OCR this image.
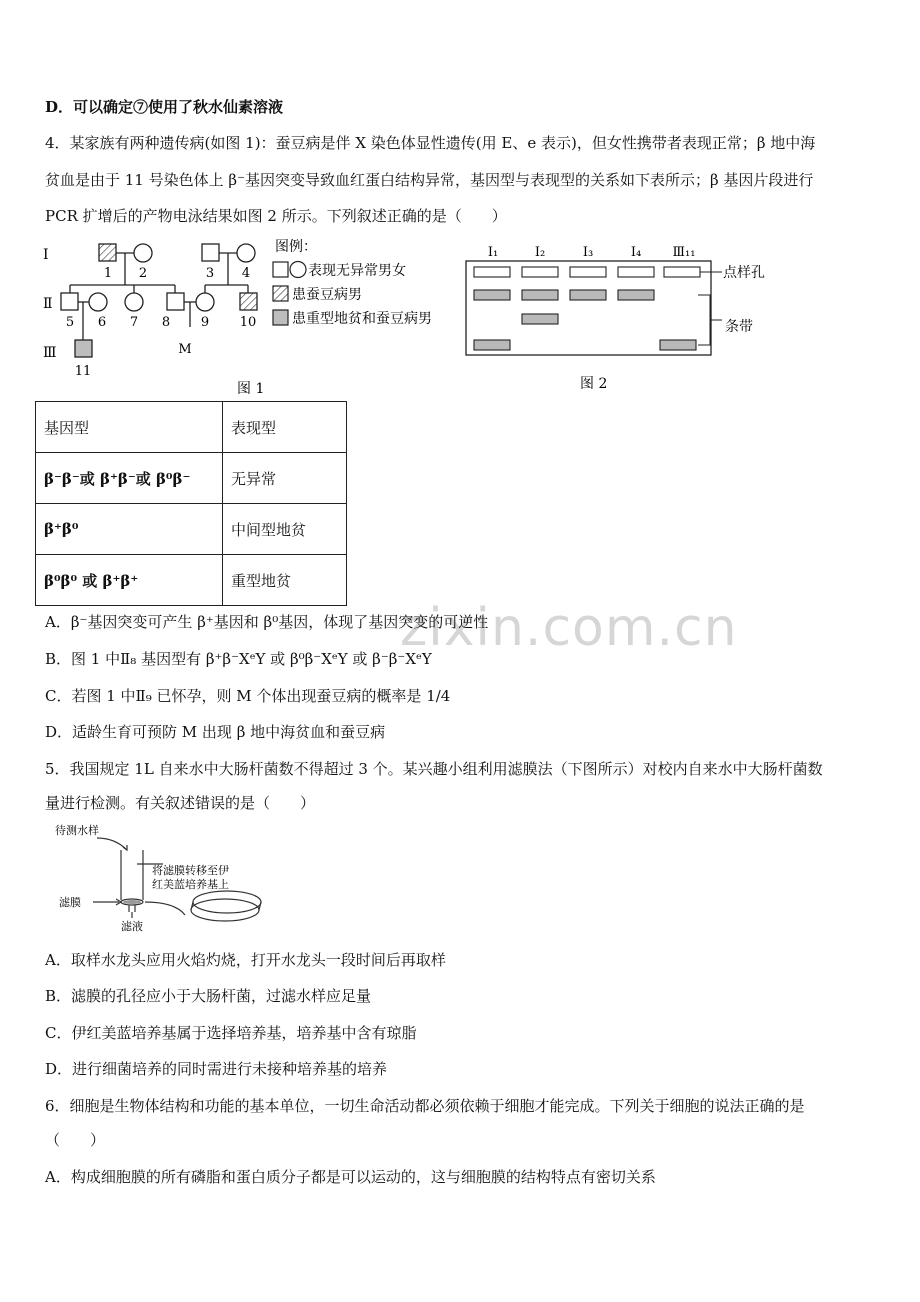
zixin.com.cn
D．可以确定⑦使用了秋水仙素溶液
4．某家族有两种遗传病(如图 1)：蚕豆病是伴 X 染色体显性遗传(用 E、e 表示)，但女性携带者表现正常；β 地中海
贫血是由于 11 号染色体上 β⁻基因突变导致血红蛋白结构异常，基因型与表现型的关系如下表所示；β 基因片段进行
PCR 扩增后的产物电泳结果如图 2 所示。下列叙述正确的是（　　）
Ⅰ
Ⅱ
Ⅲ
1 2	3 4
5 6 7 8 9 10
11
M
图例：
表现无异常男女
患蚕豆病男
患重型地贫和蚕豆病男
图 1
Ⅰ₁	Ⅰ₂	Ⅰ₃	Ⅰ₄ Ⅲ₁₁
点样孔
条带
图 2
基因型	表现型
β⁻β⁻或 β⁺β⁻或 β⁰β⁻	无异常
β⁺β⁰	中间型地贫
β⁰β⁰ 或 β⁺β⁺	重型地贫
A．β⁻基因突变可产生 β⁺基因和 β⁰基因，体现了基因突变的可逆性
B．图 1 中Ⅱ₈ 基因型有 β⁺β⁻XᵉY 或 β⁰β⁻XᵉY 或 β⁻β⁻XᵉY
C．若图 1 中Ⅱ₉ 已怀孕，则 M 个体出现蚕豆病的概率是 1/4
D．适龄生育可预防 M 出现 β 地中海贫血和蚕豆病
5．我国规定 1L 自来水中大肠杆菌数不得超过 3 个。某兴趣小组利用滤膜法（下图所示）对校内自来水中大肠杆菌数
量进行检测。有关叙述错误的是（　　）
待测水样
将滤膜转移至伊
红美蓝培养基上
滤膜
滤液
A．取样水龙头应用火焰灼烧，打开水龙头一段时间后再取样
B．滤膜的孔径应小于大肠杆菌，过滤水样应足量
C．伊红美蓝培养基属于选择培养基，培养基中含有琼脂
D．进行细菌培养的同时需进行未接种培养基的培养
6．细胞是生物体结构和功能的基本单位，一切生命活动都必须依赖于细胞才能完成。下列关于细胞的说法正确的是
（　　）
A．构成细胞膜的所有磷脂和蛋白质分子都是可以运动的，这与细胞膜的结构特点有密切关系
